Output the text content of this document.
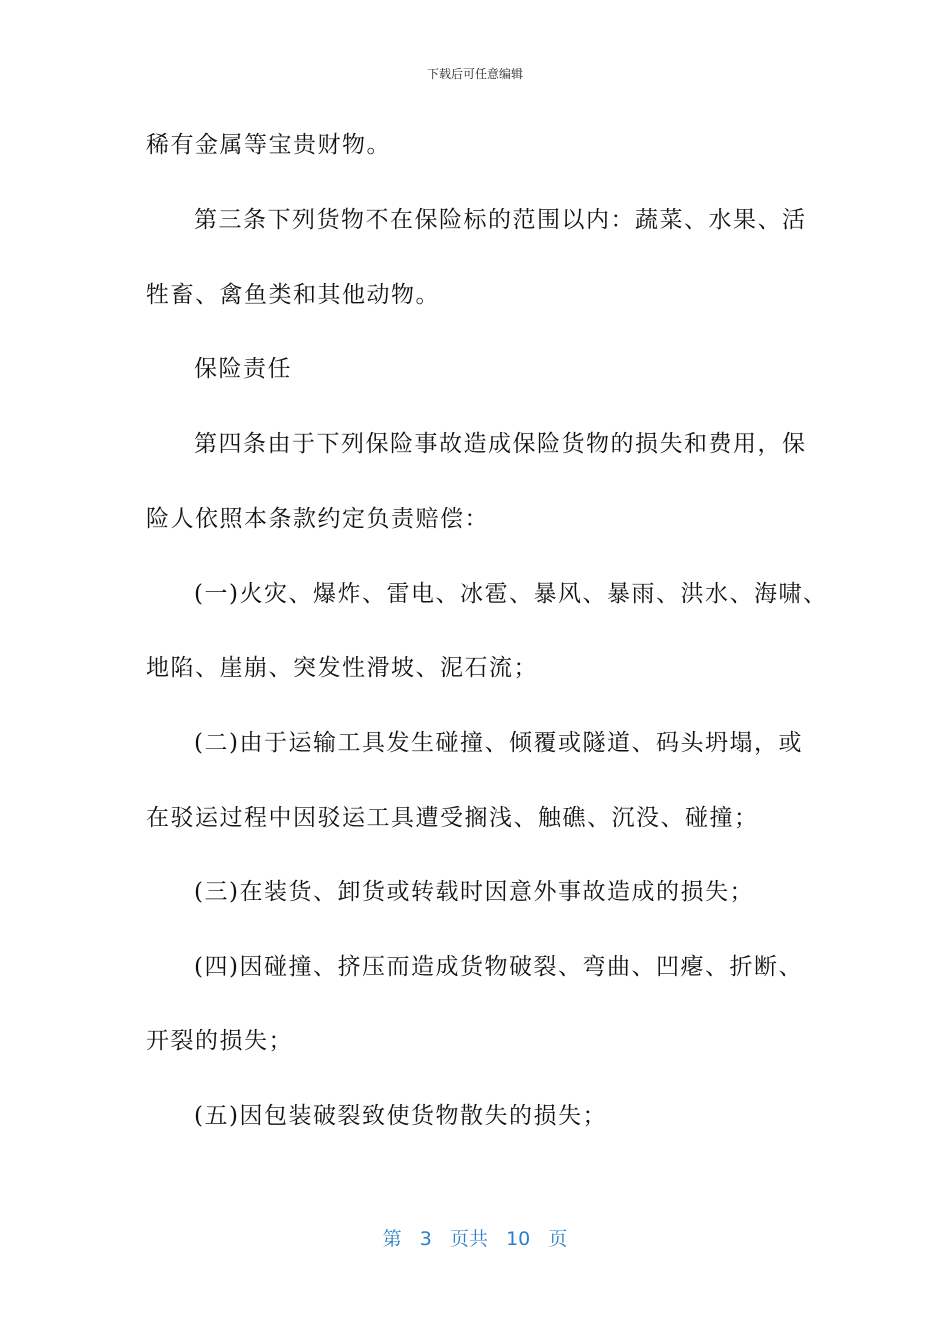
下载后可任意编辑
稀有金属等宝贵财物。
第三条下列货物不在保险标的范围以内：蔬菜、水果、活
牲畜、禽鱼类和其他动物。
保险责任
第四条由于下列保险事故造成保险货物的损失和费用，保
险人依照本条款约定负责赔偿：
(一)火灾、爆炸、雷电、冰雹、暴风、暴雨、洪水、海啸、
地陷、崖崩、突发性滑坡、泥石流；
(二)由于运输工具发生碰撞、倾覆或隧道、码头坍塌，或
在驳运过程中因驳运工具遭受搁浅、触礁、沉没、碰撞；
(三)在装货、卸货或转载时因意外事故造成的损失；
(四)因碰撞、挤压而造成货物破裂、弯曲、凹瘪、折断、
开裂的损失；
(五)因包装破裂致使货物散失的损失；
第 3 页共 10 页
